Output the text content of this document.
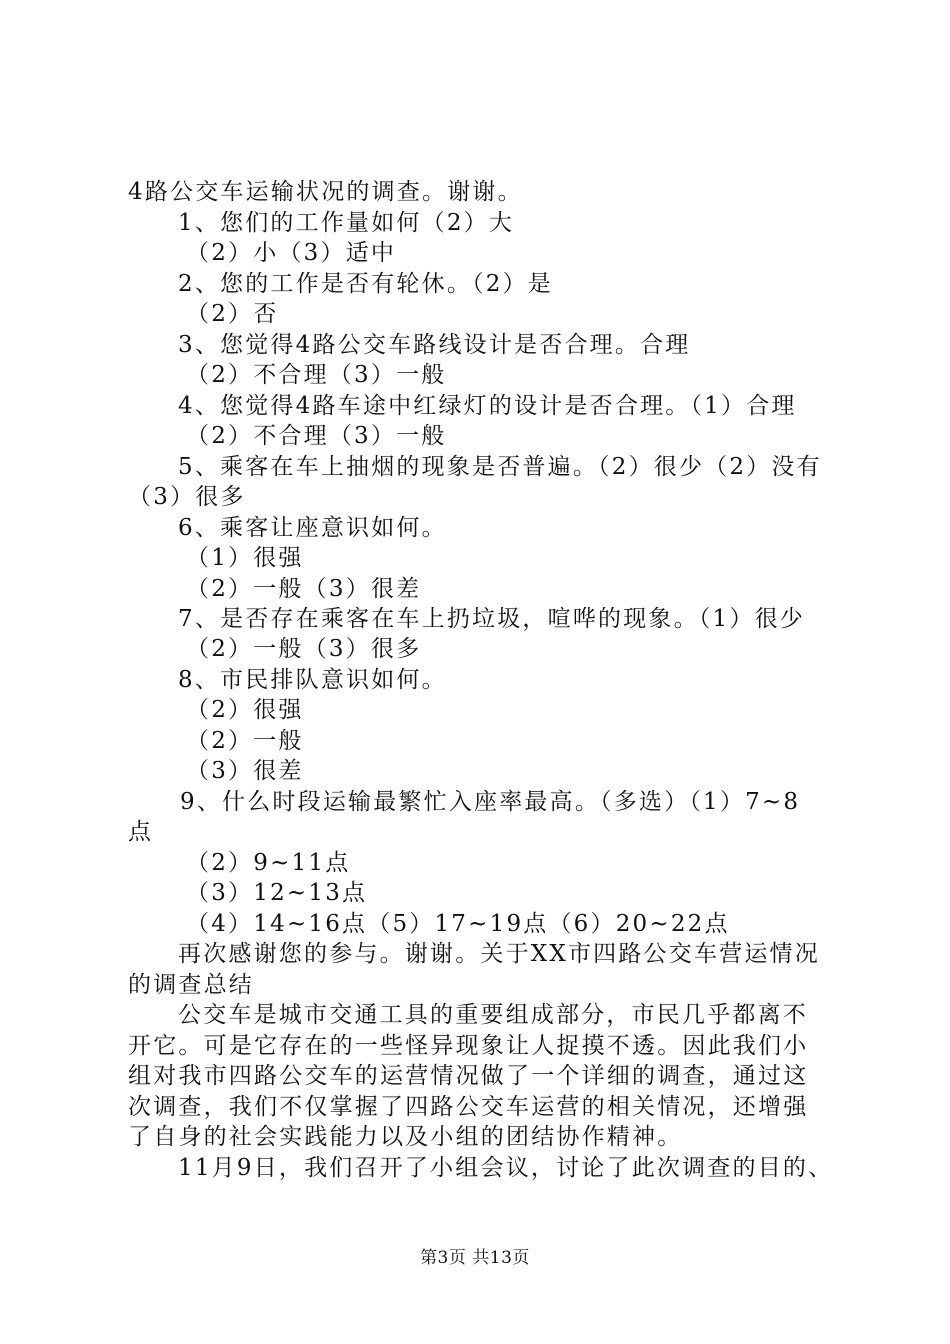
4路公交车运输状况的调查。谢谢。
1、您们的工作量如何（2）大
（2）小（3）适中
2、您的工作是否有轮休。（2）是
（2）否
3、您觉得4路公交车路线设计是否合理。合理
（2）不合理（3）一般
4、您觉得4路车途中红绿灯的设计是否合理。（1）合理
（2）不合理（3）一般
5、乘客在车上抽烟的现象是否普遍。（2）很少（2）没有
（3）很多
6、乘客让座意识如何。
（1）很强
（2）一般（3）很差
7、是否存在乘客在车上扔垃圾，喧哗的现象。（1）很少
（2）一般（3）很多
8、市民排队意识如何。
（2）很强
（2）一般
（3）很差
9、什么时段运输最繁忙入座率最高。（多选）（1）7~8
点
（2）9~11点
（3）12~13点
（4）14~16点（5）17~19点（6）20~22点
再次感谢您的参与。谢谢。关于XX市四路公交车营运情况
的调查总结
公交车是城市交通工具的重要组成部分，市民几乎都离不
开它。可是它存在的一些怪异现象让人捉摸不透。因此我们小
组对我市四路公交车的运营情况做了一个详细的调查，通过这
次调查，我们不仅掌握了四路公交车运营的相关情况，还增强
了自身的社会实践能力以及小组的团结协作精神。
11月9日，我们召开了小组会议，讨论了此次调查的目的、
第3页 共13页
